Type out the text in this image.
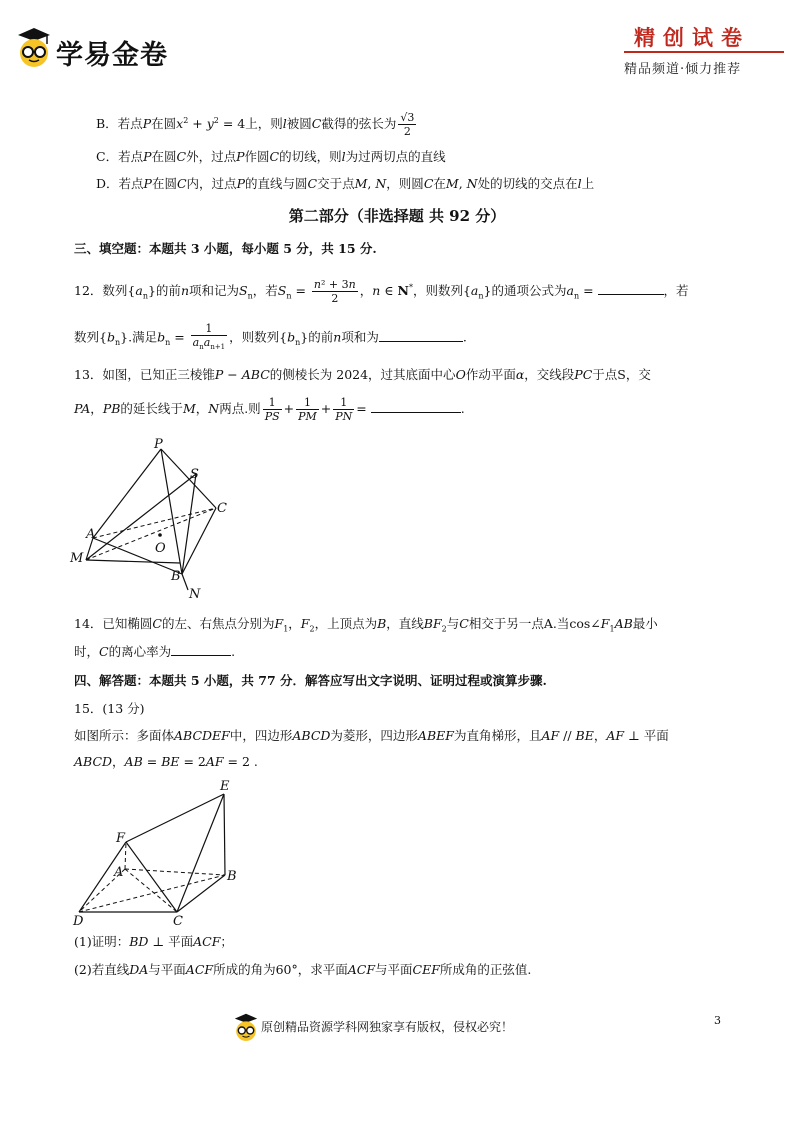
学易金卷
精创试卷
精品频道·倾力推荐
B．若点P在圆$x^2 + y^2 = 4$上，则l被圆C截得的弦长为 $\frac{√3}{2}$
C．若点P在圆C外，过点P作圆C的切线，则l为过两切点的直线
D．若点P在圆C内，过点P的直线与圆C交于点M, N，则圆C在M, N处的切线的交点在l上
第二部分（非选择题 共 92 分）
三、填空题：本题共 3 小题，每小题 5 分，共 15 分.
12．数列$\{a_n\}$的前n项和记为$S_n$，若$S_n = \frac{\text{n² + 3n}}{2}$ ，n ∈ N*，则数列$\{a_n\}$的通项公式为$a_n$ =	，若
数列$\{b_n\}$.满足$b_n = \frac{1}{a_na_{n+1}}$ ，则数列$\{b_n\}$的前n项和为	.
13．如图，已知正三棱锥P − ABC的侧棱长为 2024，过其底面中心O作动平面α，交线段PC于点S，交
PA，PB的延长线于M，N两点.则 $\frac{1}{PS} + \frac{1}{PM} + \frac{1}{PN}$ =	.
P
S
C
A
O
M
B
N
14．已知椭圆C的左、右焦点分别为$F_1$，$F_2$，上顶点为B，直线$BF_2$与C相交于另一点A.当$\cos\angle F_1AB$最小
时，C的离心率为	.
四、解答题：本题共 5 小题，共 77 分．解答应写出文字说明、证明过程或演算步骤.
15．(13 分)
如图所示：多面体ABCDEF中，四边形ABCD为菱形，四边形ABEF为直角梯形，且AF // BE，AF ⊥ 平面
ABCD，AB = BE = 2AF = 2 .
E
F
A	B
D	C
(1)证明：BD ⊥ 平面ACF；
(2)若直线DA与平面ACF所成的角为60°，求平面ACF与平面CEF所成角的正弦值.
原创精品资源学科网独家享有版权，侵权必究！	3
